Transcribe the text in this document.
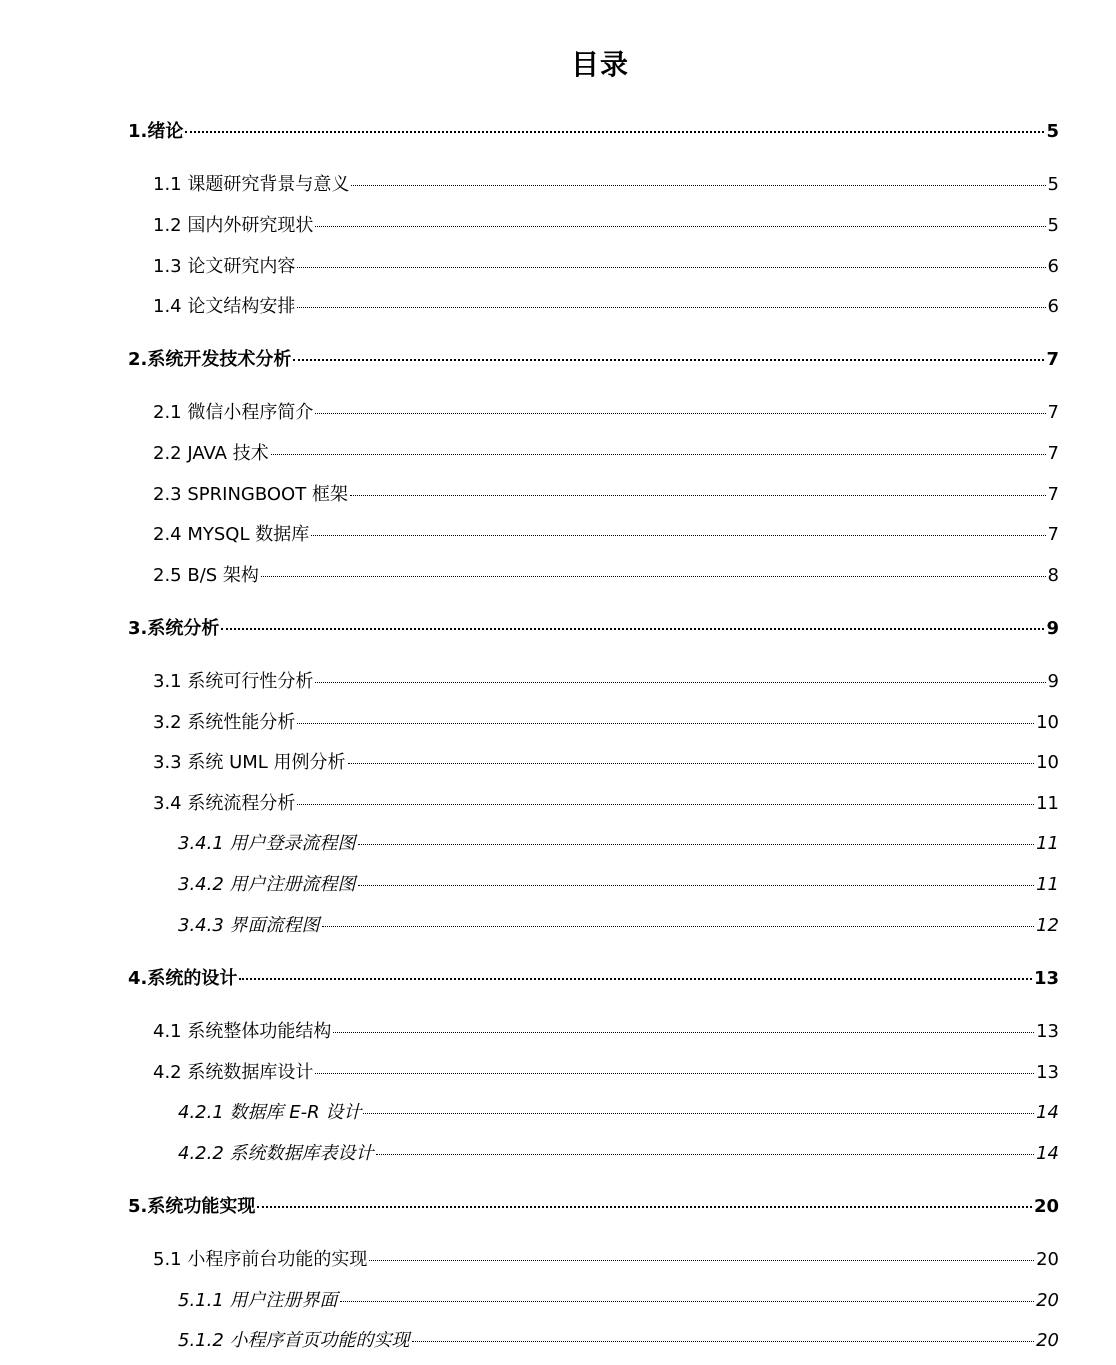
目录
1.绪论	5
1.1 课题研究背景与意义	5
1.2 国内外研究现状	5
1.3 论文研究内容	6
1.4 论文结构安排	6
2.系统开发技术分析	7
2.1 微信小程序简介	7
2.2 JAVA 技术	7
2.3 SPRINGBOOT 框架	7
2.4 MYSQL 数据库	7
2.5 B/S 架构	8
3.系统分析	9
3.1 系统可行性分析	9
3.2 系统性能分析	10
3.3 系统 UML 用例分析	10
3.4 系统流程分析	11
3.4.1 用户登录流程图	11
3.4.2 用户注册流程图	11
3.4.3 界面流程图	12
4.系统的设计	13
4.1 系统整体功能结构	13
4.2 系统数据库设计	13
4.2.1 数据库 E-R 设计	14
4.2.2 系统数据库表设计	14
5.系统功能实现	20
5.1 小程序前台功能的实现	20
5.1.1 用户注册界面	20
5.1.2 小程序首页功能的实现	20
